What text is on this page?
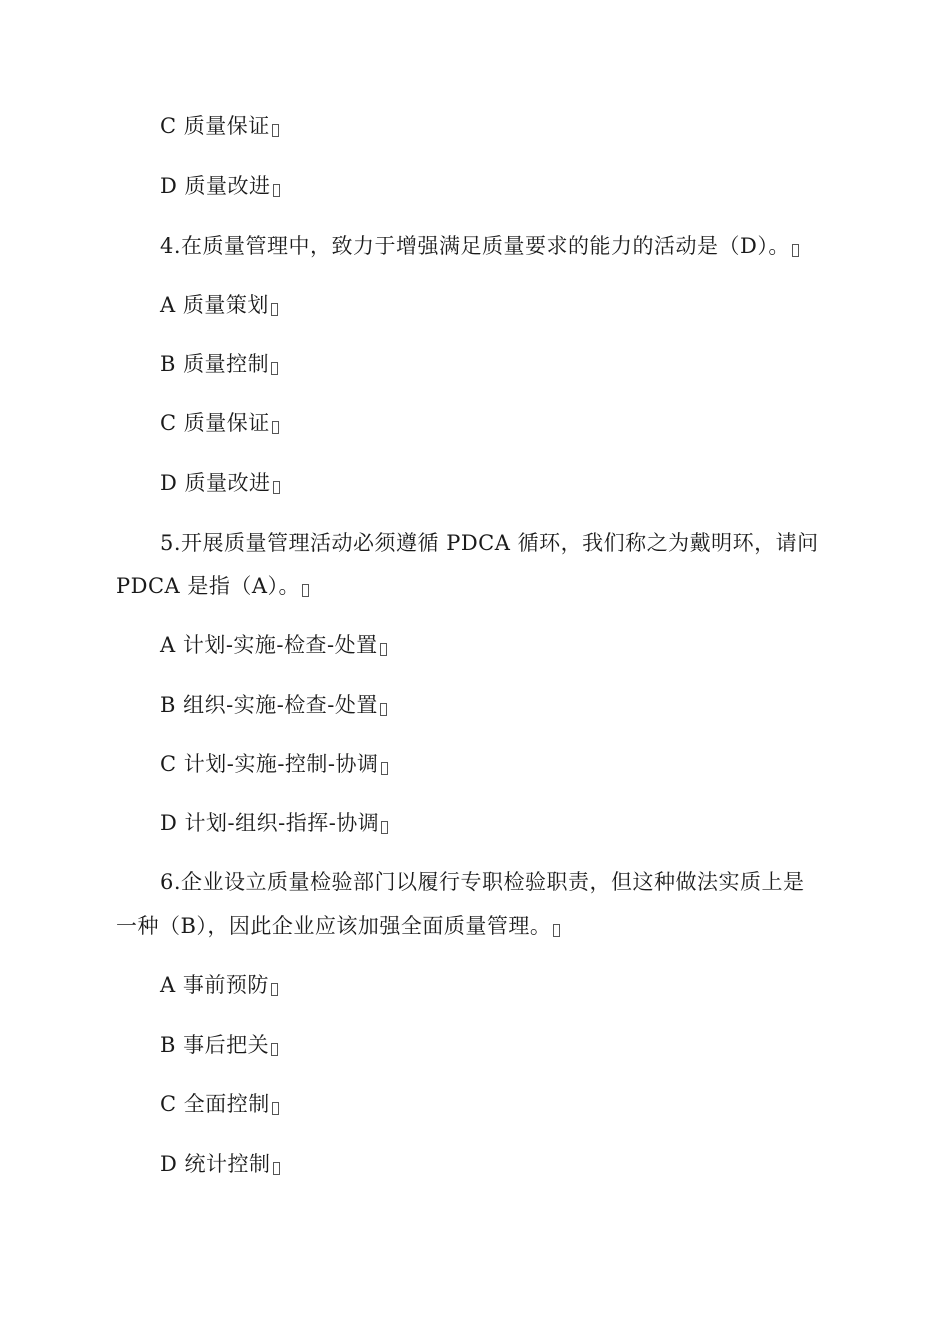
C 质量保证
D 质量改进
4.在质量管理中，致力于增强满足质量要求的能力的活动是（D）。
A 质量策划
B 质量控制
C 质量保证
D 质量改进
5.开展质量管理活动必须遵循 PDCA 循环，我们称之为戴明环，请问
PDCA 是指（A）。
A 计划-实施-检查-处置
B 组织-实施-检查-处置
C 计划-实施-控制-协调
D 计划-组织-指挥-协调
6.企业设立质量检验部门以履行专职检验职责，但这种做法实质上是
一种（B），因此企业应该加强全面质量管理。
A 事前预防
B 事后把关
C 全面控制
D 统计控制
